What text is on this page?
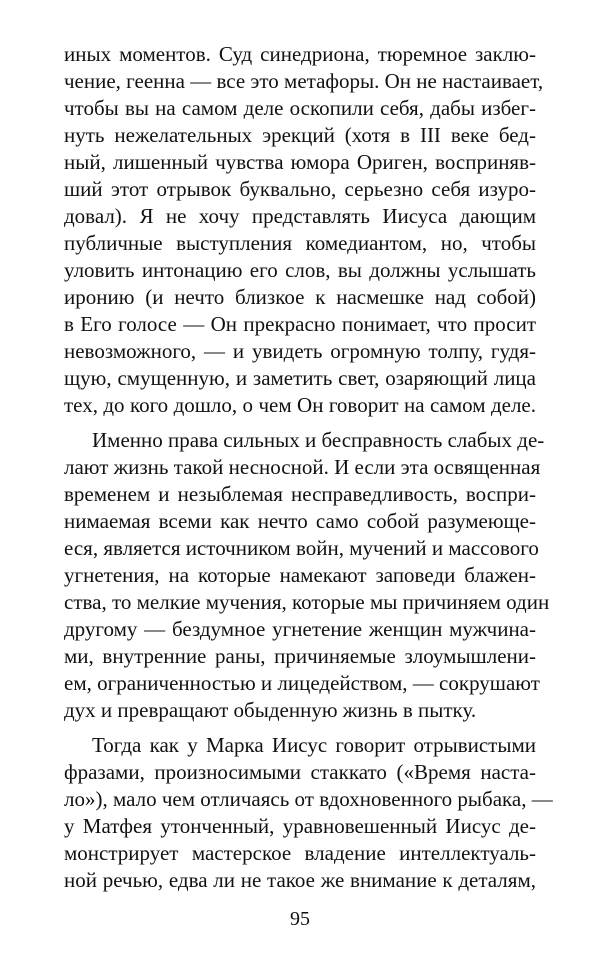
иных моментов. Суд синедриона, тюремное заклю-

чение, геенна — все это метафоры. Он не настаивает,

чтобы вы на самом деле оскопили себя, дабы избег-

нуть нежелательных эрекций (хотя в III веке бед-

ный, лишенный чувства юмора Ориген, восприняв-

ший этот отрывок буквально, серьезно себя изуро-

довал). Я не хочу представлять Иисуса дающим

публичные выступления комедиантом, но, чтобы

уловить интонацию его слов, вы должны услышать

иронию (и нечто близкое к насмешке над собой)

в Его голосе — Он прекрасно понимает, что просит

невозможного, — и увидеть огромную толпу, гудя-

щую, смущенную, и заметить свет, озаряющий лица

тех, до кого дошло, о чем Он говорит на самом деле.

Именно права сильных и бесправность слабых де-

лают жизнь такой несносной. И если эта освященная

временем и незыблемая несправедливость, воспри-

нимаемая всеми как нечто само собой разумеюще-

еся, является источником войн, мучений и массового

угнетения, на которые намекают заповеди блажен-

ства, то мелкие мучения, которые мы причиняем один

другому — бездумное угнетение женщин мужчина-

ми, внутренние раны, причиняемые злоумышлени-

ем, ограниченностью и лицедейством, — сокрушают

дух и превращают обыденную жизнь в пытку.

Тогда как у Марка Иисус говорит отрывистыми

фразами, произносимыми стаккато («Время наста-

ло»), мало чем отличаясь от вдохновенного рыбака, —

у Матфея утонченный, уравновешенный Иисус де-

монстрирует мастерское владение интеллектуаль-

ной речью, едва ли не такое же внимание к деталям,

95
